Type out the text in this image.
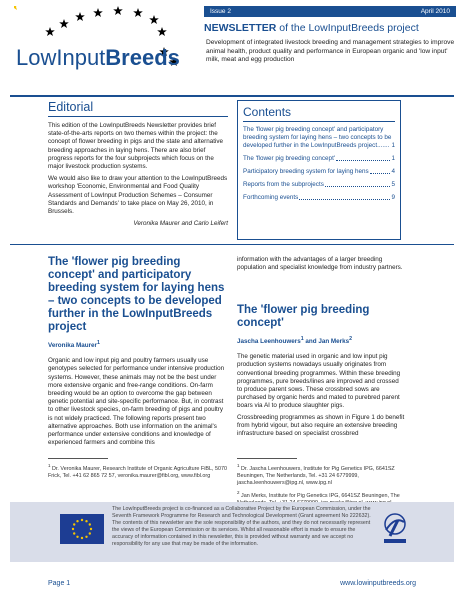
LowInputBreeds
Issue 2	April 2010
NEWSLETTER of the LowInputBreeds project
Development of integrated livestock breeding and management strategies to improve animal health, product quality and performance in European organic and 'low input' milk, meat and egg production
Editorial

This edition of the LowInputBreeds Newsletter provides brief state-of-the-arts reports on two themes within the project: the concept of flower breeding in pigs and the state and alternative breeding approaches in laying hens. There are also brief progress reports for the four subprojects which focus on the major livestock production systems.

We would also like to draw your attention to the LowInputBreeds workshop 'Economic, Environmental and Food Quality Assessment of LowInput Production Schemes – Consumer Standards and Demands' to take place on May 26, 2010, in Brussels.

Veronika Maurer and Carlo Leifert
Contents
The 'flower pig breeding concept' and participatory breeding system for laying hens – two concepts to be developed further in the LowInputBreeds project....... 1
The 'flower pig breeding concept'	1
Participatory breeding system for laying hens	4
Reports from the subprojects	5
Forthcoming events	9
The 'flower pig breeding concept' and participatory breeding system for laying hens – two concepts to be developed further in the LowInputBreeds project
Veronika Maurer$^1$
Organic and low input pig and poultry farmers usually use genotypes selected for performance under intensive production systems. However, these animals may not be the best under more extensive organic and free-range conditions. On-farm breeding would be an option to overcome the gap between genetic potential and site-specific performance. But, in contrast to other livestock species, on-farm breeding of pigs and poultry is not widely practiced. The following reports present two alternative approaches. Both use information on the animal's performance under extensive conditions and knowledge of experienced farmers and combine this
information with the advantages of a larger breeding population and specialist knowledge from industry partners.
The 'flower pig breeding concept'
Jascha Leenhouwers$^1$ and Jan Merks$^2$

The genetic material used in organic and low input pig production systems nowadays usually originates from conventional breeding programmes. Within these breeding programmes, pure breeds/lines are improved and crossed to produce parent sows. These crossbred sows are purchased by organic herds and mated to purebred parent boars via AI to produce slaughter pigs.

Crossbreeding programmes as shown in Figure 1 do benefit from hybrid vigour, but also require an extensive breeding infrastructure based on specialist crossbred

$^1$ Dr. Veronika Maurer, Research Institute of Organic Agriculture FiBL, 5070 Frick, Tel. +41 62 865 72 57, veronika.maurer@fibl.org, www.fibl.org

$^1$ Dr. Jascha Leenhouwers, Institute for Pig Genetics IPG, 6641SZ Beuningen, The Netherlands, Tel. +31 24 6779999, jascha.leenhouwers@ipg.nl, www.ipg.nl

$^2$ Jan Merks, Institute for Pig Genetics IPG, 6641SZ Beuningen, The

The LowInputBreeds project is co-financed as a Collaborative Project by the European Commission, under the Seventh Framework Programme for Research and Technological Development (Grant agreement No 222632). The contents of this newsletter are the sole responsibility of the authors, and they do not necessarily represent the views of the European Commission or its services. Whilst all reasonable effort is made to ensure the accuracy of information contained in this newsletter, this is provided without warranty and we accept no responsibility for any use that may be made of the information.
Page 1	www.lowinputbreeds.org
